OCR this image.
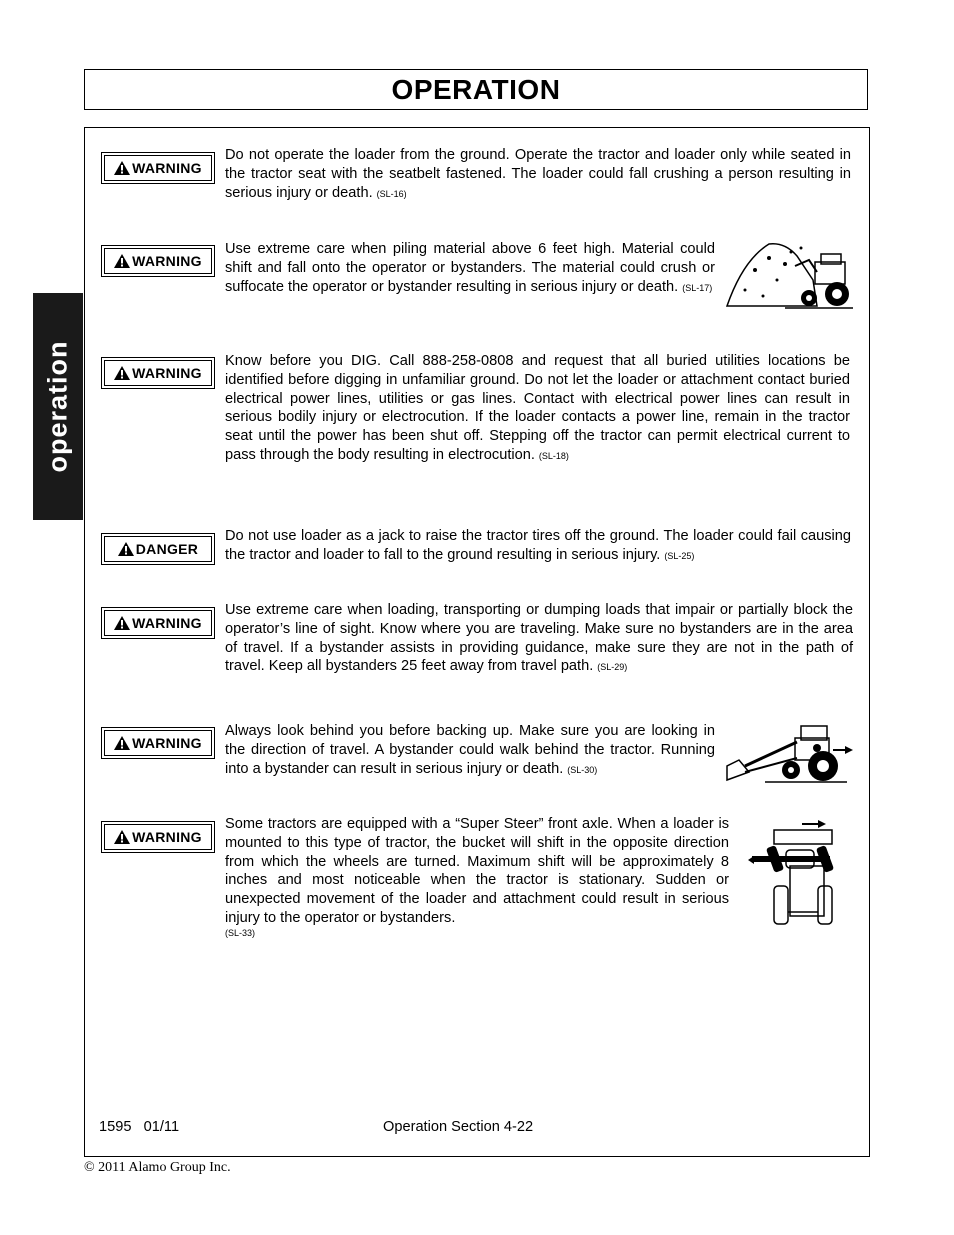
OPERATION
operation
WARNING

Do not operate the loader from the ground. Operate the tractor and loader only while seated in the tractor seat with the seatbelt fastened. The loader could fall crushing a person resulting in serious injury or death. (SL-16)

WARNING

Use extreme care when piling material above 6 feet high. Material could shift and fall onto the operator or bystanders. The material could crush or suffocate the operator or bystander resulting in serious injury or death. (SL-17)

WARNING

Know before you DIG. Call 888-258-0808 and request that all buried utilities locations be identified before digging in unfamiliar ground. Do not let the loader or attachment contact buried electrical power lines, utilities or gas lines. Contact with electrical power lines can result in serious bodily injury or electrocution. If the loader contacts a power line, remain in the tractor seat until the power has been shut off. Stepping off the tractor can permit electrical current to pass through the body resulting in electrocution. (SL-18)

DANGER

Do not use loader as a jack to raise the tractor tires off the ground. The loader could fail causing the tractor and loader to fall to the ground resulting in serious injury. (SL-25)

WARNING

Use extreme care when loading, transporting or dumping loads that impair or partially block the operator’s line of sight. Know where you are traveling. Make sure no bystanders are in the area of travel. If a bystander assists in providing guidance, make sure they are not in the path of travel. Keep all bystanders 25 feet away from travel path. (SL-29)

WARNING

Always look behind you before backing up. Make sure you are looking in the direction of travel. A bystander could walk behind the tractor. Running into a bystander can result in serious injury or death. (SL-30)

WARNING

Some tractors are equipped with a “Super Steer” front axle. When a loader is mounted to this type of tractor, the bucket will shift in the opposite direction from which the wheels are turned. Maximum shift will be approximately 8 inches and most noticeable when the tractor is stationary. Sudden or unexpected movement of the loader and attachment could result in serious injury to the operator or bystanders.
(SL-33)

1595   01/11	Operation Section 4-22
© 2011 Alamo Group Inc.
